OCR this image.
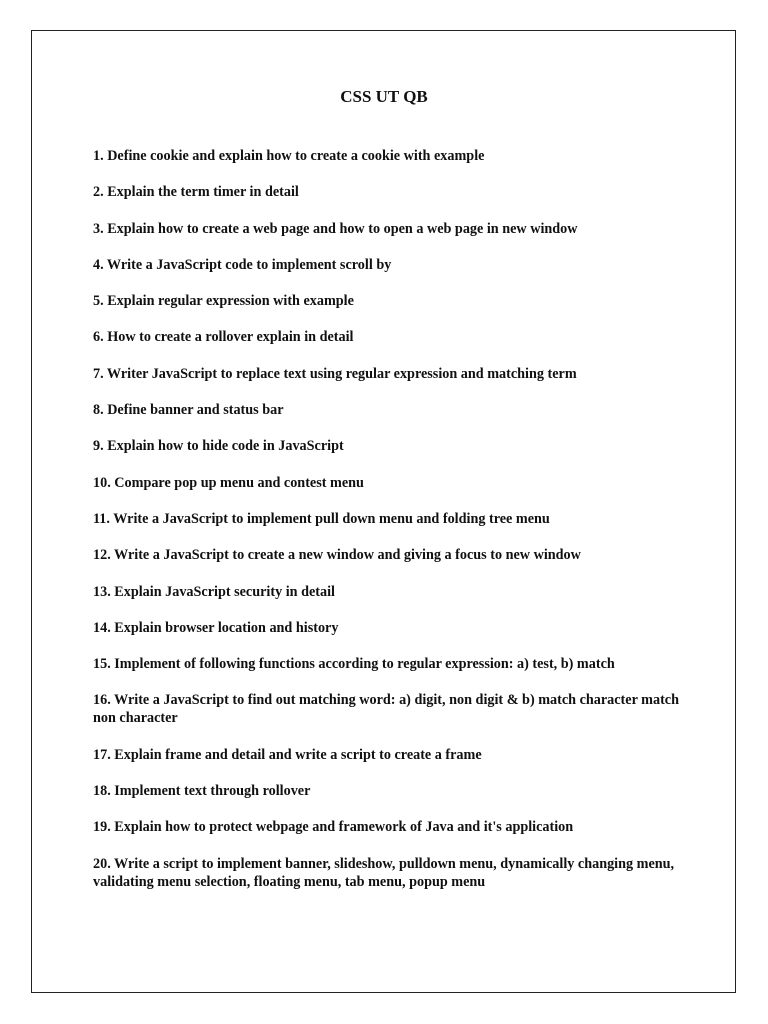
CSS UT QB
1. Define cookie and explain how to create a cookie with example
2. Explain the term timer in detail
3. Explain how to create a web page and how to open a web page in new window
4. Write a JavaScript code to implement scroll by
5. Explain regular expression with example
6. How to create a rollover explain in detail
7. Writer JavaScript to replace text using regular expression and matching term
8. Define banner and status bar
9. Explain how to hide code in JavaScript
10. Compare pop up menu and contest menu
11. Write a JavaScript to implement pull down menu and folding tree menu
12. Write a JavaScript to create a new window and giving a focus to new window
13. Explain JavaScript security in detail
14. Explain browser location and history
15. Implement of following functions according to regular expression: a) test, b) match
16. Write a JavaScript to find out matching word: a) digit, non digit & b) match character match non character
17. Explain frame and detail and write a script to create a frame
18. Implement text through rollover
19. Explain how to protect webpage and framework of Java and it's application
20. Write a script to implement banner, slideshow, pulldown menu, dynamically changing menu, validating menu selection, floating menu, tab menu, popup menu
